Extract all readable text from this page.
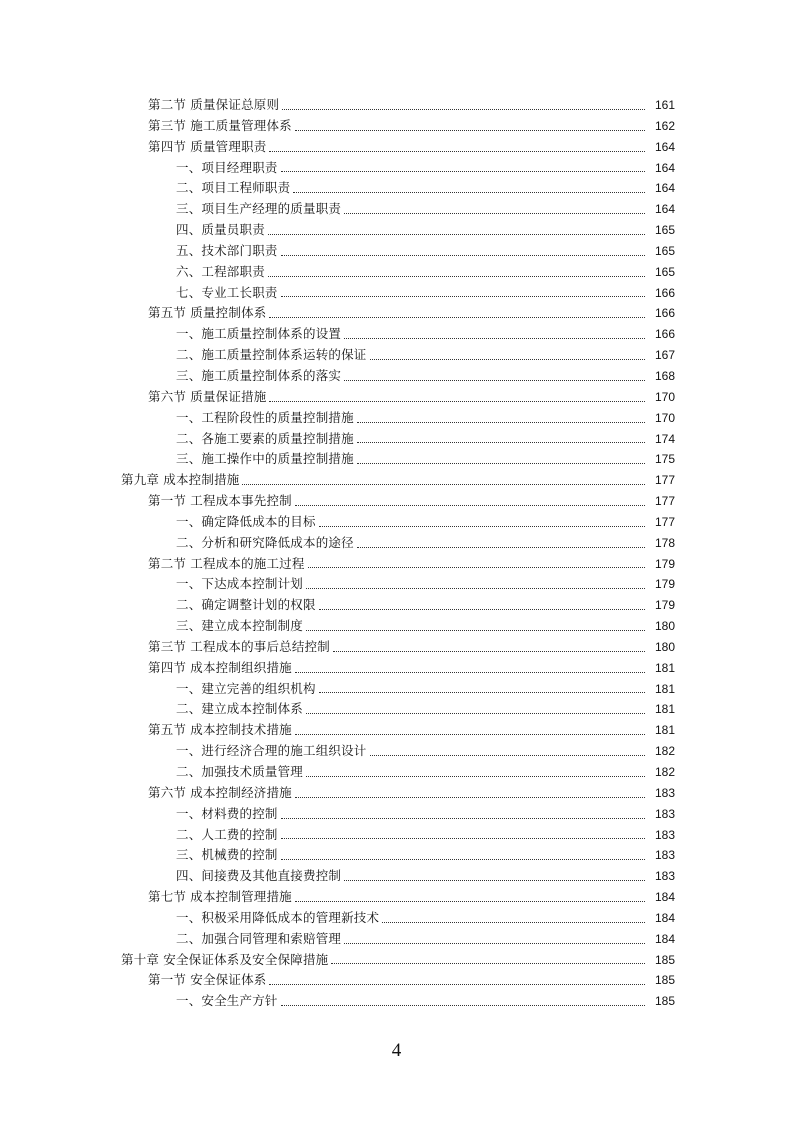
第二节 质量保证总原则	161
第三节 施工质量管理体系	162
第四节 质量管理职责	164
一、项目经理职责	164
二、项目工程师职责	164
三、项目生产经理的质量职责	164
四、质量员职责	165
五、技术部门职责	165
六、工程部职责	165
七、专业工长职责	166
第五节 质量控制体系	166
一、施工质量控制体系的设置	166
二、施工质量控制体系运转的保证	167
三、施工质量控制体系的落实	168
第六节 质量保证措施	170
一、工程阶段性的质量控制措施	170
二、各施工要素的质量控制措施	174
三、施工操作中的质量控制措施	175
第九章 成本控制措施	177
第一节 工程成本事先控制	177
一、确定降低成本的目标	177
二、分析和研究降低成本的途径	178
第二节 工程成本的施工过程	179
一、下达成本控制计划	179
二、确定调整计划的权限	179
三、建立成本控制制度	180
第三节 工程成本的事后总结控制	180
第四节 成本控制组织措施	181
一、建立完善的组织机构	181
二、建立成本控制体系	181
第五节 成本控制技术措施	181
一、进行经济合理的施工组织设计	182
二、加强技术质量管理	182
第六节 成本控制经济措施	183
一、材料费的控制	183
二、人工费的控制	183
三、机械费的控制	183
四、间接费及其他直接费控制	183
第七节 成本控制管理措施	184
一、积极采用降低成本的管理新技术	184
二、加强合同管理和索赔管理	184
第十章 安全保证体系及安全保障措施	185
第一节 安全保证体系	185
一、安全生产方针	185
4
